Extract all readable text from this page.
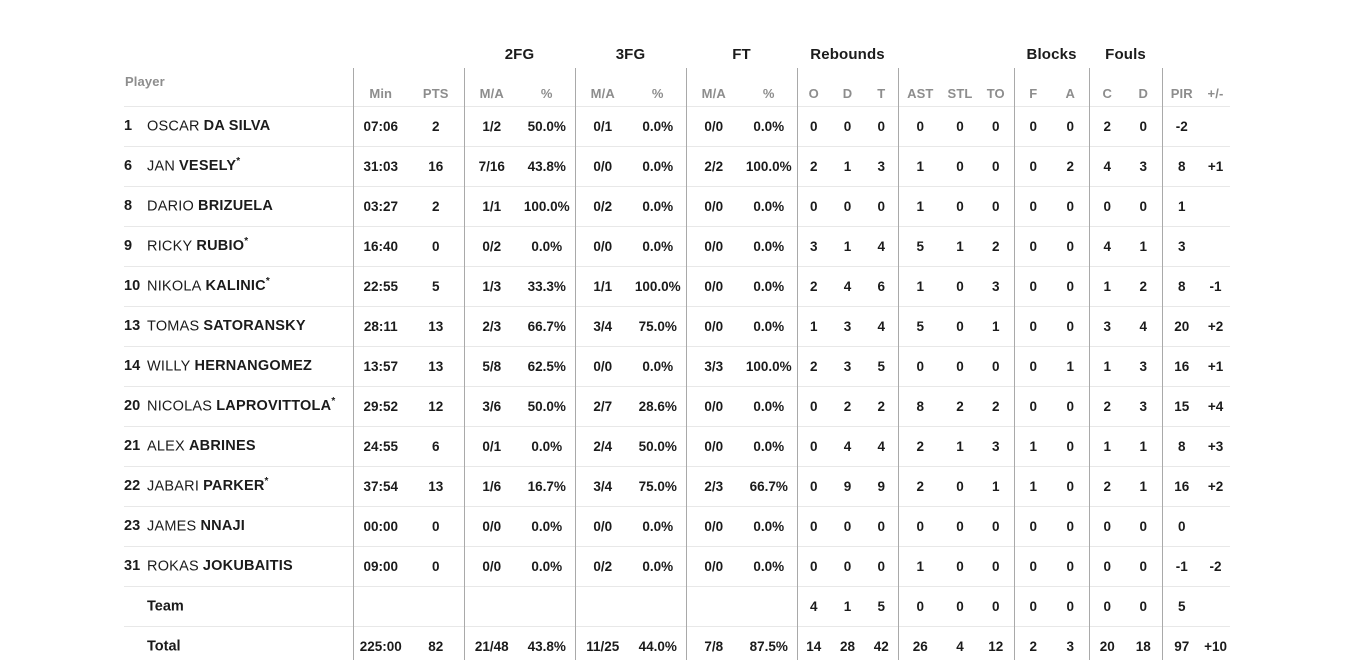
			2FG		3FG		FT		Rebounds						Blocks		Fouls			
Player	Min	PTS	M/A	%	M/A	%	M/A	%	O	D	T	AST	STL	TO	F	A	C	D	PIR	+/-
1 OSCAR DA SILVA	07:06	2	1/2	50.0%	0/1	0.0%	0/0	0.0%	0	0	0	0	0	0	0	0	2	0	-2	
6 JAN VESELY*	31:03	16	7/16	43.8%	0/0	0.0%	2/2	100.0%	2	1	3	1	0	0	0	2	4	3	8	+1
8 DARIO BRIZUELA	03:27	2	1/1	100.0%	0/2	0.0%	0/0	0.0%	0	0	0	1	0	0	0	0	0	0	1	
9 RICKY RUBIO*	16:40	0	0/2	0.0%	0/0	0.0%	0/0	0.0%	3	1	4	5	1	2	0	0	4	1	3	
10 NIKOLA KALINIC*	22:55	5	1/3	33.3%	1/1	100.0%	0/0	0.0%	2	4	6	1	0	3	0	0	1	2	8	-1
13 TOMAS SATORANSKY	28:11	13	2/3	66.7%	3/4	75.0%	0/0	0.0%	1	3	4	5	0	1	0	0	3	4	20	+2
14 WILLY HERNANGOMEZ	13:57	13	5/8	62.5%	0/0	0.0%	3/3	100.0%	2	3	5	0	0	0	0	1	1	3	16	+1
20 NICOLAS LAPROVITTOLA*	29:52	12	3/6	50.0%	2/7	28.6%	0/0	0.0%	0	2	2	8	2	2	0	0	2	3	15	+4
21 ALEX ABRINES	24:55	6	0/1	0.0%	2/4	50.0%	0/0	0.0%	0	4	4	2	1	3	1	0	1	1	8	+3
22 JABARI PARKER*	37:54	13	1/6	16.7%	3/4	75.0%	2/3	66.7%	0	9	9	2	0	1	1	0	2	1	16	+2
23 JAMES NNAJI	00:00	0	0/0	0.0%	0/0	0.0%	0/0	0.0%	0	0	0	0	0	0	0	0	0	0	0	
31 ROKAS JOKUBAITIS	09:00	0	0/0	0.0%	0/2	0.0%	0/0	0.0%	0	0	0	1	0	0	0	0	0	0	-1	-2
Team									4	1	5	0	0	0	0	0	0	0	5	
Total	225:00	82	21/48	43.8%	11/25	44.0%	7/8	87.5%	14	28	42	26	4	12	2	3	20	18	97	+10
